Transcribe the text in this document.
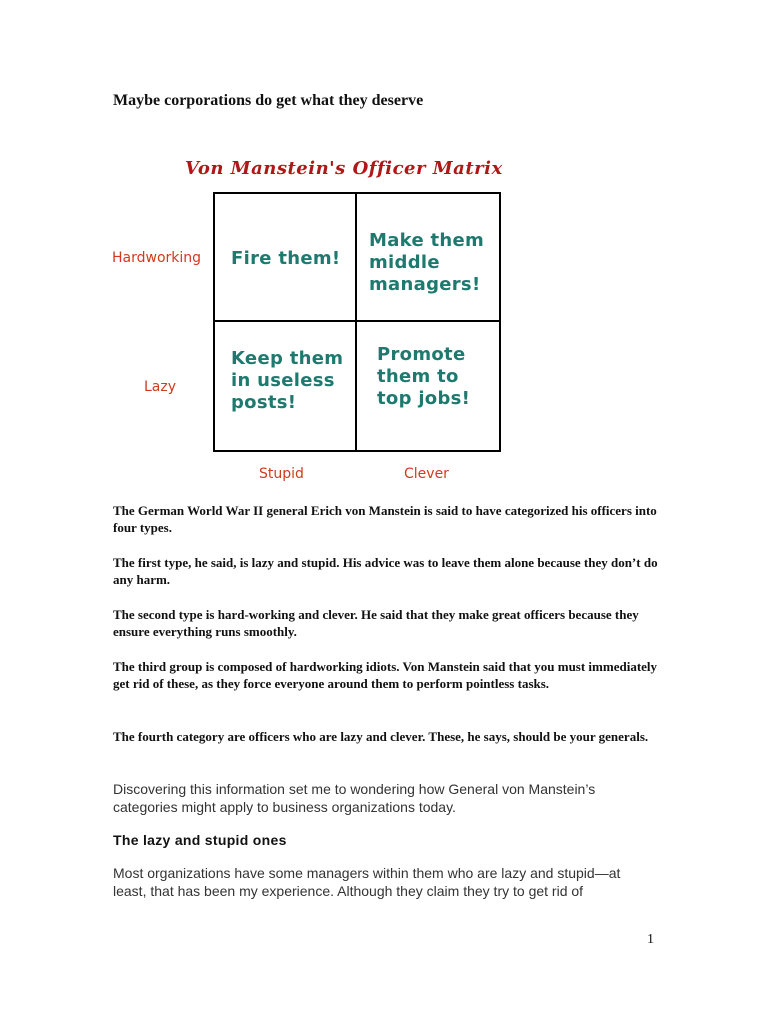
Maybe corporations do get what they deserve
Von Manstein's Officer Matrix
Hardworking
Lazy
Fire them!
Make them
middle
managers!
Keep them
in useless
posts!
Promote
them to
top jobs!
Stupid	Clever

The German World War II general Erich von Manstein is said to have categorized his officers into four types.

The first type, he said, is lazy and stupid. His advice was to leave them alone because they don’t do any harm.

The second type is hard-working and clever. He said that they make great officers because they ensure everything runs smoothly.

The third group is composed of hardworking idiots. Von Manstein said that you must immediately get rid of these, as they force everyone around them to perform pointless tasks.

The fourth category are officers who are lazy and clever. These, he says, should be your generals.

Discovering this information set me to wondering how General von Manstein’s categories might apply to business organizations today.

The lazy and stupid ones

Most organizations have some managers within them who are lazy and stupid—at least, that has been my experience. Although they claim they try to get rid of

1
